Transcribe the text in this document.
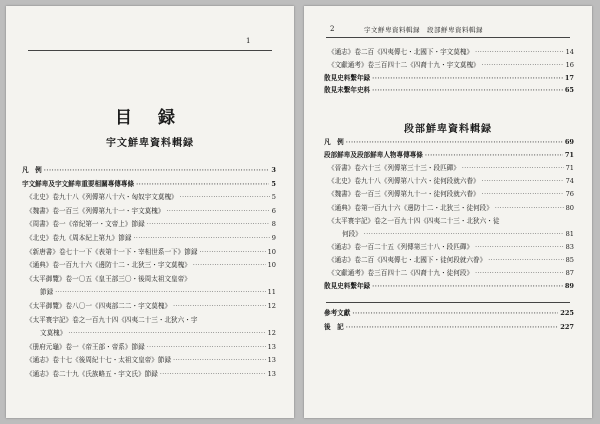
1
目 録
宇文鮮卑資料輯録
凡　例 ·····	3
宇文鮮卑及宇文鮮卑重要相關專傳專條 ·····	5
《北史》卷九十八《列傳第八十六・匈奴宇文莫槐》 ·····	5
《魏書》卷一百三《列傳第九十一・宇文莫槐》 ·····	6
《周書》卷一《帝紀第一・文帝上》節録 ·····	8
《北史》卷九《周本紀上第九》節録 ·····	9
《新唐書》卷七十一下《表第十一下・宰相世系一下》節録 ·····	10
《通典》卷一百九十六《邊防十二・北狄三・宇文莫槐》 ·····	10
《太平御覽》卷一〇五《皇王部三〇・後周太祖文皇帝》
節録 ·····	11
《太平御覽》卷八〇一《四夷部二二・宇文莫槐》 ·····	12
《太平寰宇記》卷之一百九十四《四夷二十三・北狄六・宇
文莫槐》 ·····	12
《册府元龜》卷一《帝王部・帝系》節録 ·····	13
《通志》卷十七《後周紀十七・太祖文皇帝》節録 ·····	13
《通志》卷二十九《氏族略五・宇文氏》節録 ·····	13
2	宇文鮮卑資料輯録　段部鮮卑資料輯録
《通志》卷二百《四夷傳七・北國下・宇文莫槐》 ·····	14
《文獻通考》卷三百四十二《四裔十九・宇文莫槐》 ·····	16
散見史料繫年録 ·····	17
散見未繫年史料 ·····	65
段部鮮卑資料輯録
凡　例 ·····	69
段部鮮卑及段部鮮卑人物專傳專條 ·····	71
《晉書》卷六十三《列傳第三十三・段匹磾》 ·····	71
《北史》卷九十八《列傳第八十六・徒何段就六眷》 ·····	74
《魏書》卷一百三《列傳第九十一・徒何段就六眷》 ·····	76
《通典》卷第一百九十六《邊防十二・北狄三・徒何段》 ·····	80
《太平寰宇記》卷之一百九十四《四夷二十三・北狄六・徒
何段》 ·····	81
《通志》卷一百二十五《列傳第三十八・段匹磾》 ·····	83
《通志》卷二百《四夷傳七・北國下・徒何段就六眷》 ·····	85
《文獻通考》卷三百四十二《四裔十九・徒何段》 ·····	87
散見史料繫年録 ·····	89
參考文獻 ·····	225
後　記 ·····	227
